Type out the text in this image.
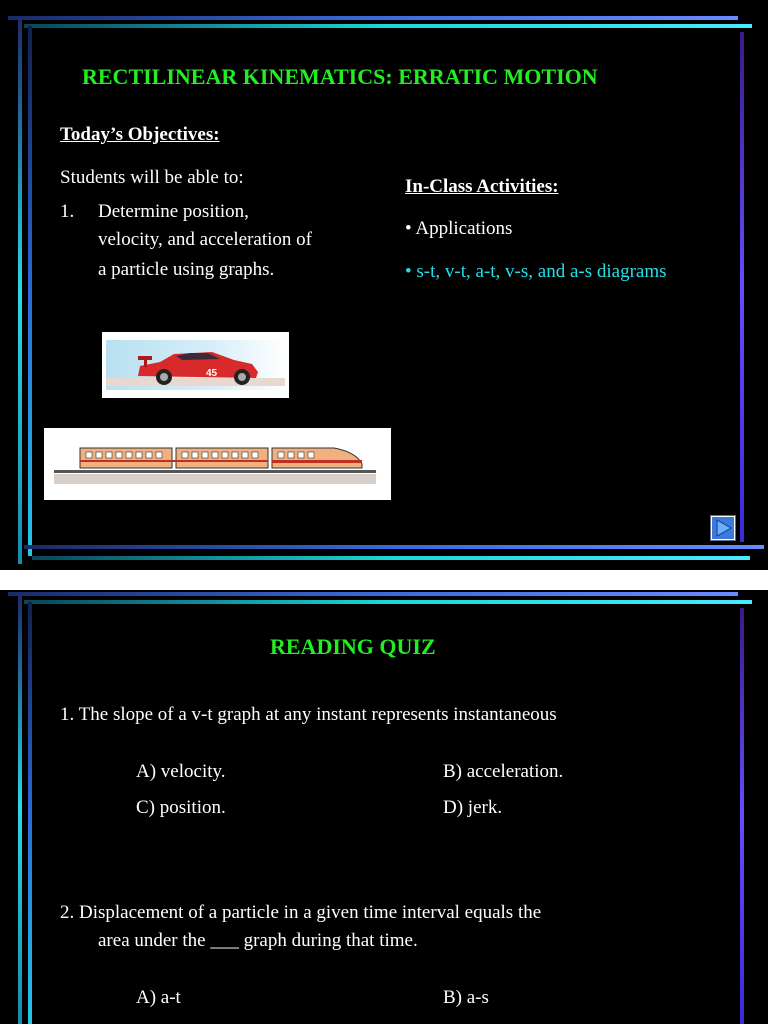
RECTILINEAR KINEMATICS: ERRATIC MOTION
Today’s Objectives:
Students will be able to:
1. Determine position,
velocity, and acceleration of
a particle using graphs.
In-Class Activities:
• Applications
• s-t, v-t, a-t, v-s, and a-s diagrams
45
READING QUIZ
1. The slope of a v-t graph at any instant represents instantaneous
A) velocity.	B) acceleration.
C) position.	D) jerk.
2. Displacement of a particle in a given time interval equals the
area under the ___ graph during that time.
A) a-t	B) a-s
